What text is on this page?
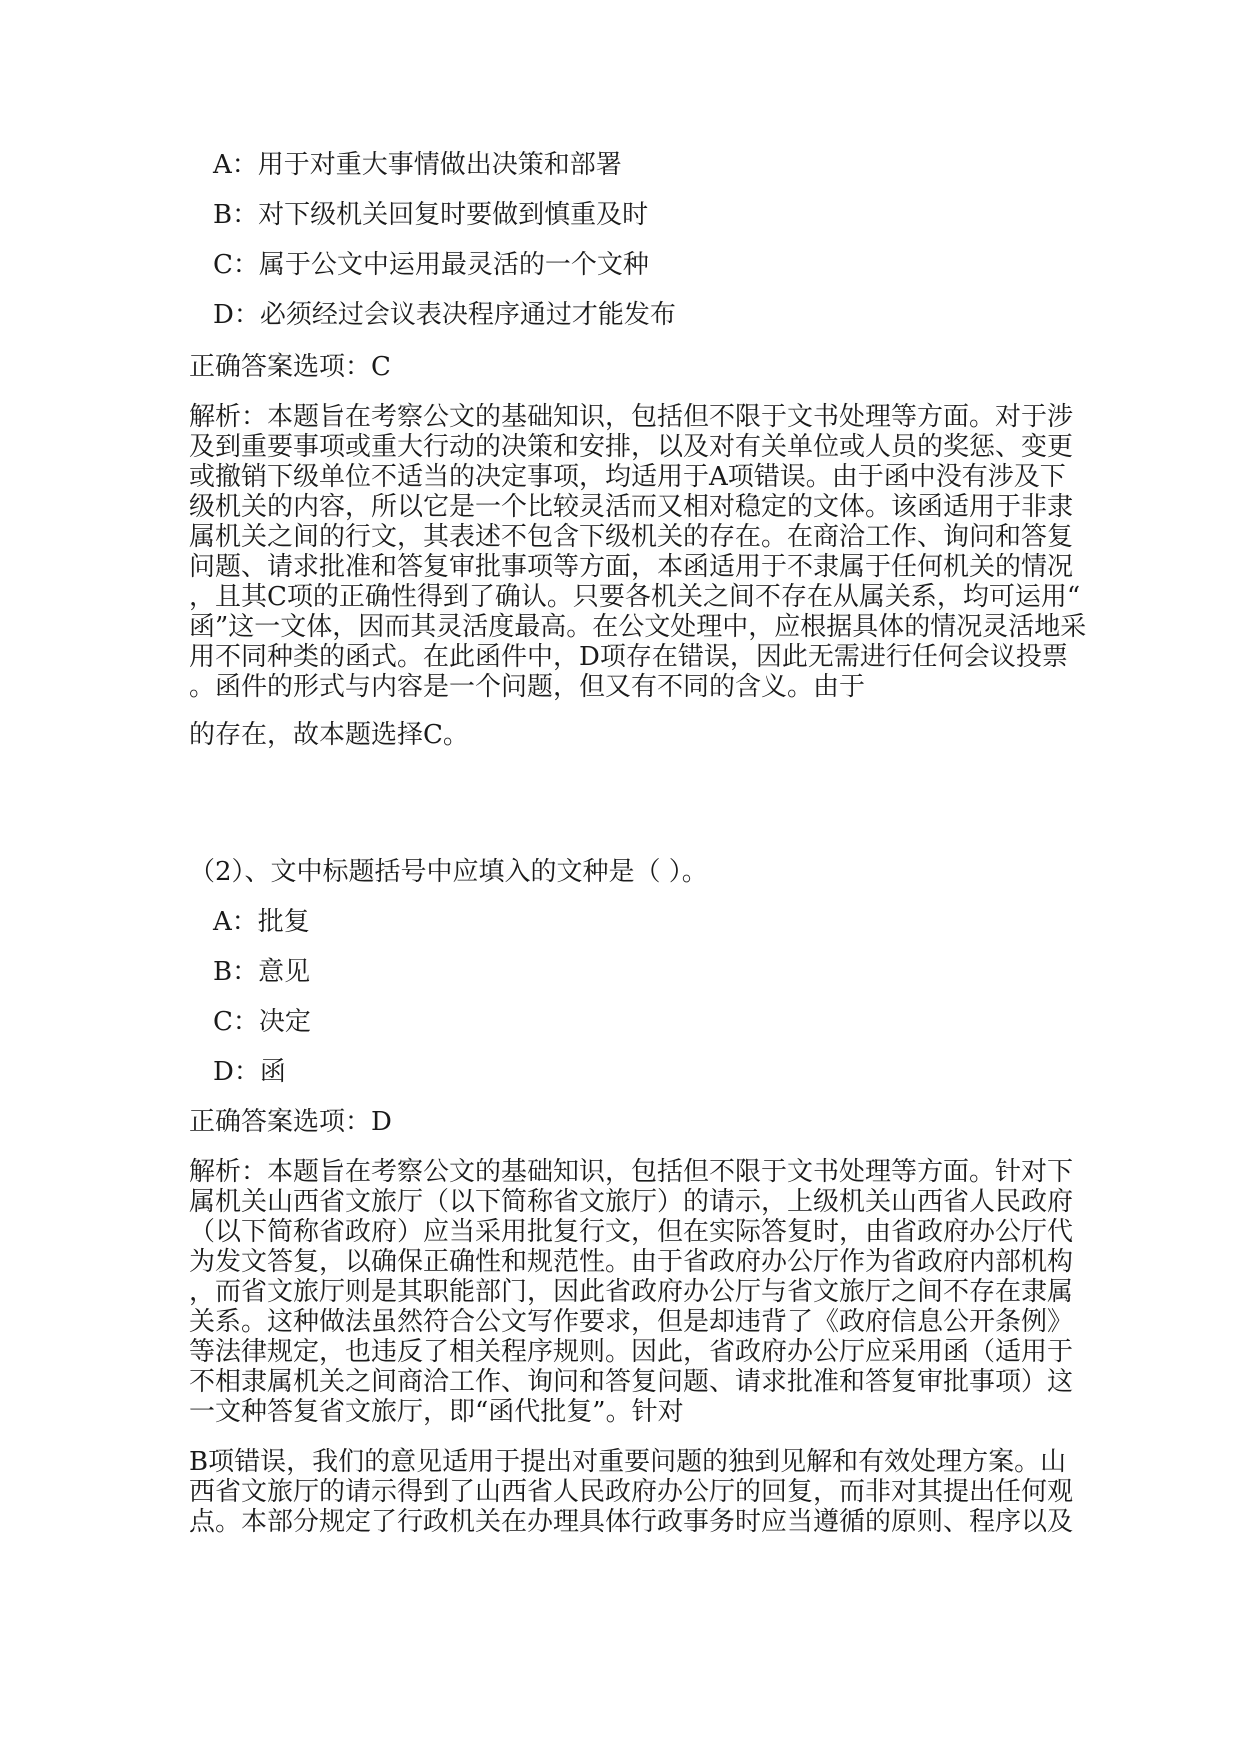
A：用于对重大事情做出决策和部署
B：对下级机关回复时要做到慎重及时
C：属于公文中运用最灵活的一个文种
D：必须经过会议表决程序通过才能发布
正确答案选项：C
解析：本题旨在考察公文的基础知识，包括但不限于文书处理等方面。对于涉
及到重要事项或重大行动的决策和安排，以及对有关单位或人员的奖惩、变更
或撤销下级单位不适当的决定事项，均适用于A项错误。由于函中没有涉及下
级机关的内容，所以它是一个比较灵活而又相对稳定的文体。该函适用于非隶
属机关之间的行文，其表述不包含下级机关的存在。在商洽工作、询问和答复
问题、请求批准和答复审批事项等方面，本函适用于不隶属于任何机关的情况
，且其C项的正确性得到了确认。只要各机关之间不存在从属关系，均可运用“
函”这一文体，因而其灵活度最高。在公文处理中，应根据具体的情况灵活地采
用不同种类的函式。在此函件中，D项存在错误，因此无需进行任何会议投票
。函件的形式与内容是一个问题，但又有不同的含义。由于
的存在，故本题选择C。
（2）、文中标题括号中应填入的文种是（ ）。
A：批复
B：意见
C：决定
D：函
正确答案选项：D
解析：本题旨在考察公文的基础知识，包括但不限于文书处理等方面。针对下
属机关山西省文旅厅（以下简称省文旅厅）的请示，上级机关山西省人民政府
（以下简称省政府）应当采用批复行文，但在实际答复时，由省政府办公厅代
为发文答复，以确保正确性和规范性。由于省政府办公厅作为省政府内部机构
，而省文旅厅则是其职能部门，因此省政府办公厅与省文旅厅之间不存在隶属
关系。这种做法虽然符合公文写作要求，但是却违背了《政府信息公开条例》
等法律规定，也违反了相关程序规则。因此，省政府办公厅应采用函（适用于
不相隶属机关之间商洽工作、询问和答复问题、请求批准和答复审批事项）这
一文种答复省文旅厅，即“函代批复”。针对
B项错误，我们的意见适用于提出对重要问题的独到见解和有效处理方案。山
西省文旅厅的请示得到了山西省人民政府办公厅的回复，而非对其提出任何观
点。本部分规定了行政机关在办理具体行政事务时应当遵循的原则、程序以及
